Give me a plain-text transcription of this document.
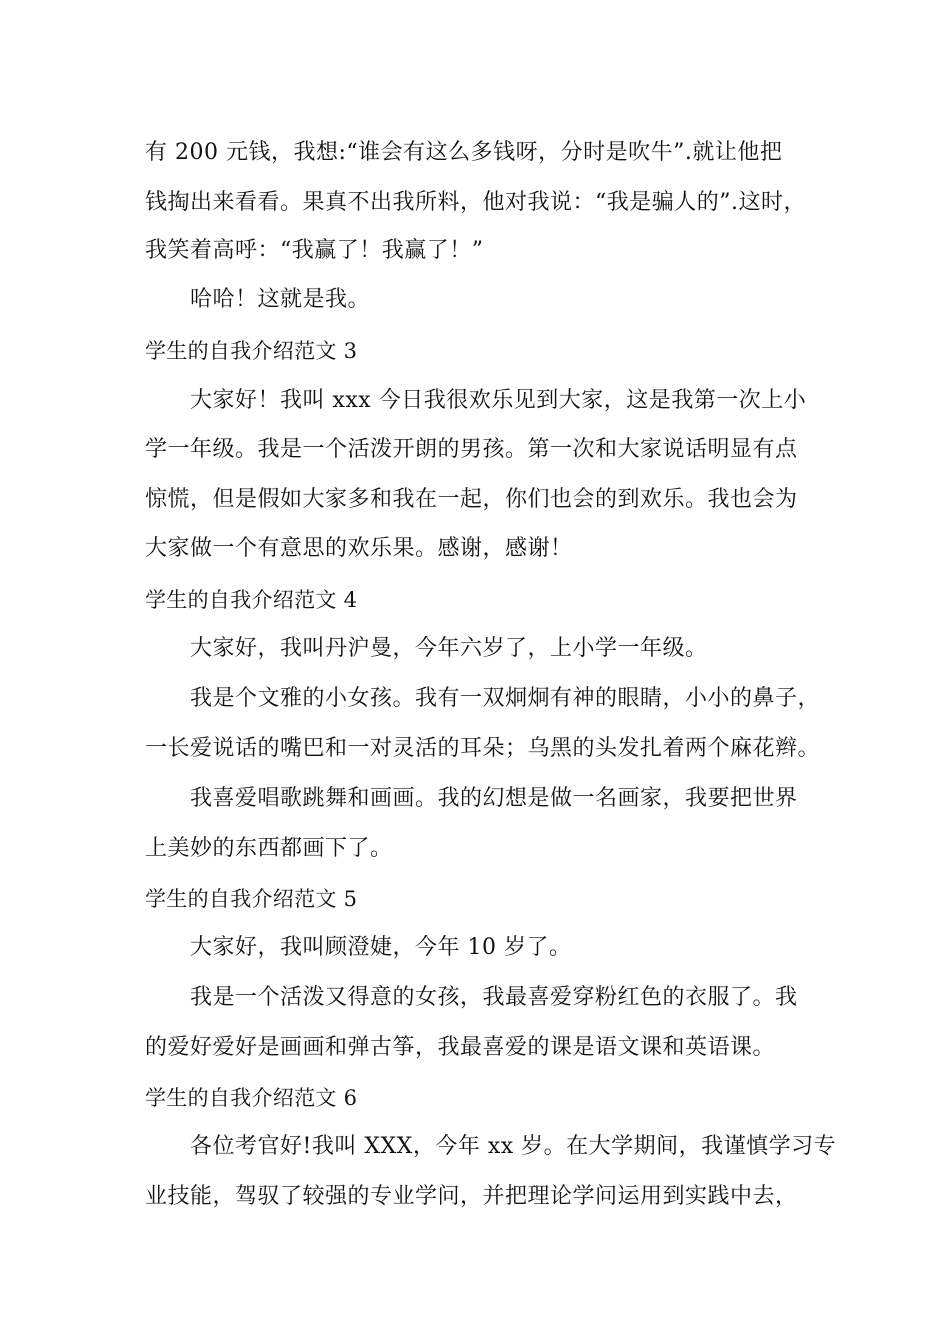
有 200 元钱，我想:“谁会有这么多钱呀，分时是吹牛”.就让他把
钱掏出来看看。果真不出我所料，他对我说：“我是骗人的”.这时，
我笑着高呼：“我赢了！我赢了！”
哈哈！这就是我。
学生的自我介绍范文 3
大家好！我叫 xxx 今日我很欢乐见到大家，这是我第一次上小
学一年级。我是一个活泼开朗的男孩。第一次和大家说话明显有点
惊慌，但是假如大家多和我在一起，你们也会的到欢乐。我也会为
大家做一个有意思的欢乐果。感谢，感谢！
学生的自我介绍范文 4
大家好，我叫丹沪曼，今年六岁了，上小学一年级。
我是个文雅的小女孩。我有一双炯炯有神的眼睛，小小的鼻子，
一长爱说话的嘴巴和一对灵活的耳朵；乌黑的头发扎着两个麻花辫。
我喜爱唱歌跳舞和画画。我的幻想是做一名画家，我要把世界
上美妙的东西都画下了。
学生的自我介绍范文 5
大家好，我叫顾澄婕，今年 10 岁了。
我是一个活泼又得意的女孩，我最喜爱穿粉红色的衣服了。我
的爱好爱好是画画和弹古筝，我最喜爱的课是语文课和英语课。
学生的自我介绍范文 6
各位考官好!我叫 XXX，今年 xx 岁。在大学期间，我谨慎学习专
业技能，驾驭了较强的专业学问，并把理论学问运用到实践中去，
